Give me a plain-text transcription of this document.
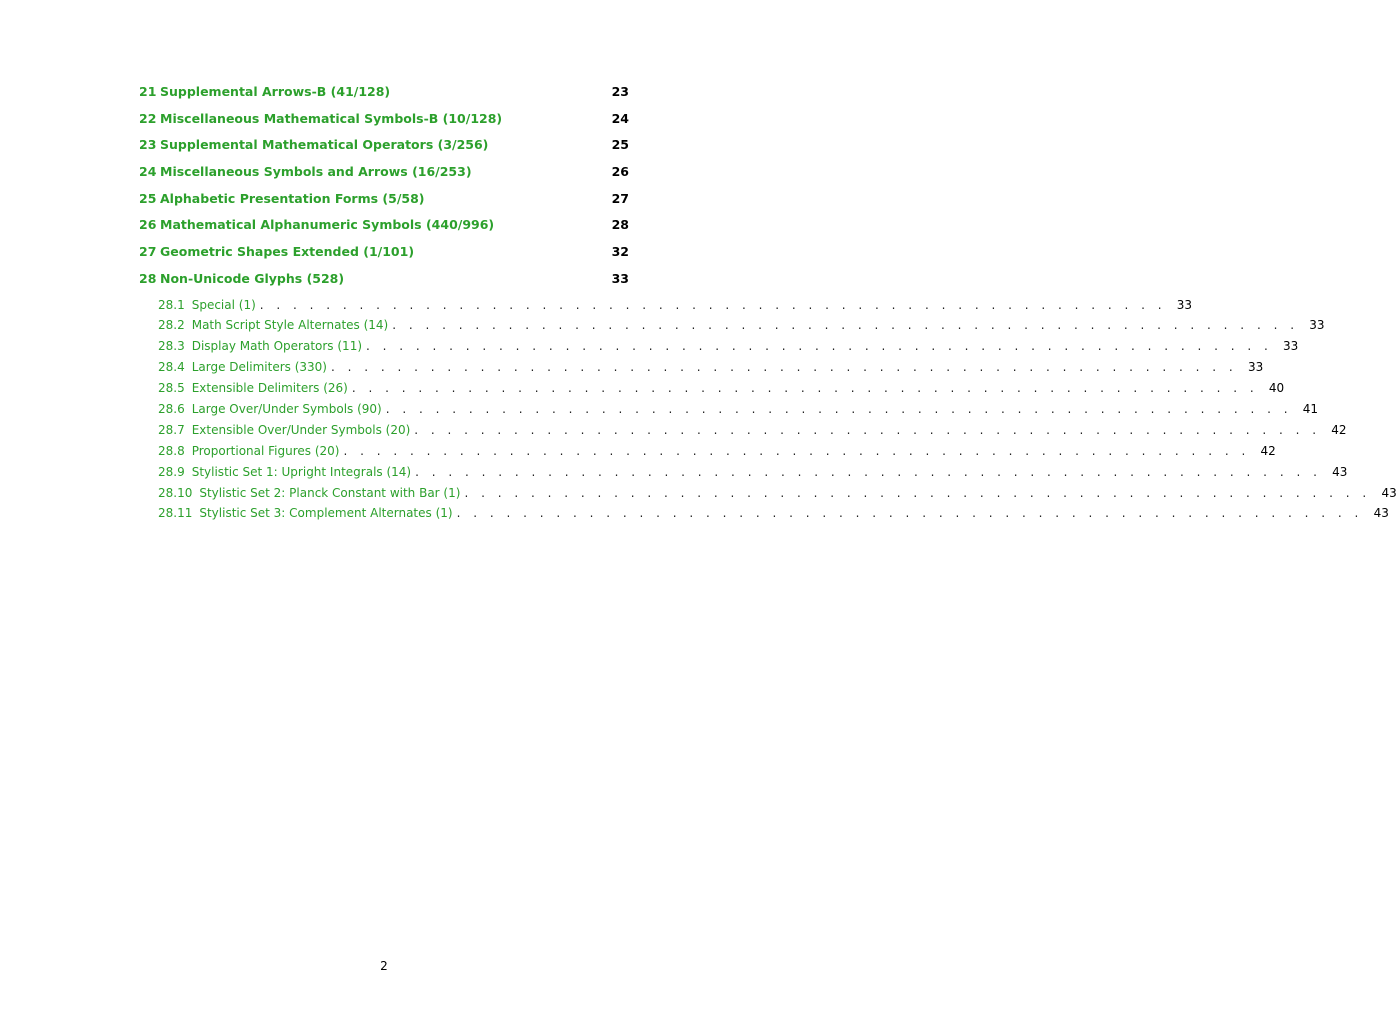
21 Supplemental Arrows-B (41/128)	23
22 Miscellaneous Mathematical Symbols-B (10/128)	24
23 Supplemental Mathematical Operators (3/256)	25
24 Miscellaneous Symbols and Arrows (16/253)	26
25 Alphabetic Presentation Forms (5/58)	27
26 Mathematical Alphanumeric Symbols (440/996)	28
27 Geometric Shapes Extended (1/101)	32
28 Non-Unicode Glyphs (528)	33
28.1 Special (1) . . . . . . . . . . . . . . . . . . . . . . . . . . . . . . . . . . . . . . . . . . . . . . . . . . . . . . . 33
28.2 Math Script Style Alternates (14) . . . . . . . . . . . . . . . . . . . . . . . . . . . . . . . . . . . . . . . . . . . . . . . . . . . . . . . 33
28.3 Display Math Operators (11) . . . . . . . . . . . . . . . . . . . . . . . . . . . . . . . . . . . . . . . . . . . . . . . . . . . . . . . 33
28.4 Large Delimiters (330) . . . . . . . . . . . . . . . . . . . . . . . . . . . . . . . . . . . . . . . . . . . . . . . . . . . . . . . 33
28.5 Extensible Delimiters (26) . . . . . . . . . . . . . . . . . . . . . . . . . . . . . . . . . . . . . . . . . . . . . . . . . . . . . . . 40
28.6 Large Over/Under Symbols (90) . . . . . . . . . . . . . . . . . . . . . . . . . . . . . . . . . . . . . . . . . . . . . . . . . . . . . . . 41
28.7 Extensible Over/Under Symbols (20) . . . . . . . . . . . . . . . . . . . . . . . . . . . . . . . . . . . . . . . . . . . . . . . . . . . . . . . 42
28.8 Proportional Figures (20) . . . . . . . . . . . . . . . . . . . . . . . . . . . . . . . . . . . . . . . . . . . . . . . . . . . . . . . 42
28.9 Stylistic Set 1: Upright Integrals (14) . . . . . . . . . . . . . . . . . . . . . . . . . . . . . . . . . . . . . . . . . . . . . . . . . . . . . . . 43
28.10 Stylistic Set 2: Planck Constant with Bar (1) . . . . . . . . . . . . . . . . . . . . . . . . . . . . . . . . . . . . . . . . . . . . . . . . . . . . . . . 43
28.11 Stylistic Set 3: Complement Alternates (1) . . . . . . . . . . . . . . . . . . . . . . . . . . . . . . . . . . . . . . . . . . . . . . . . . . . . . . . 43
2
